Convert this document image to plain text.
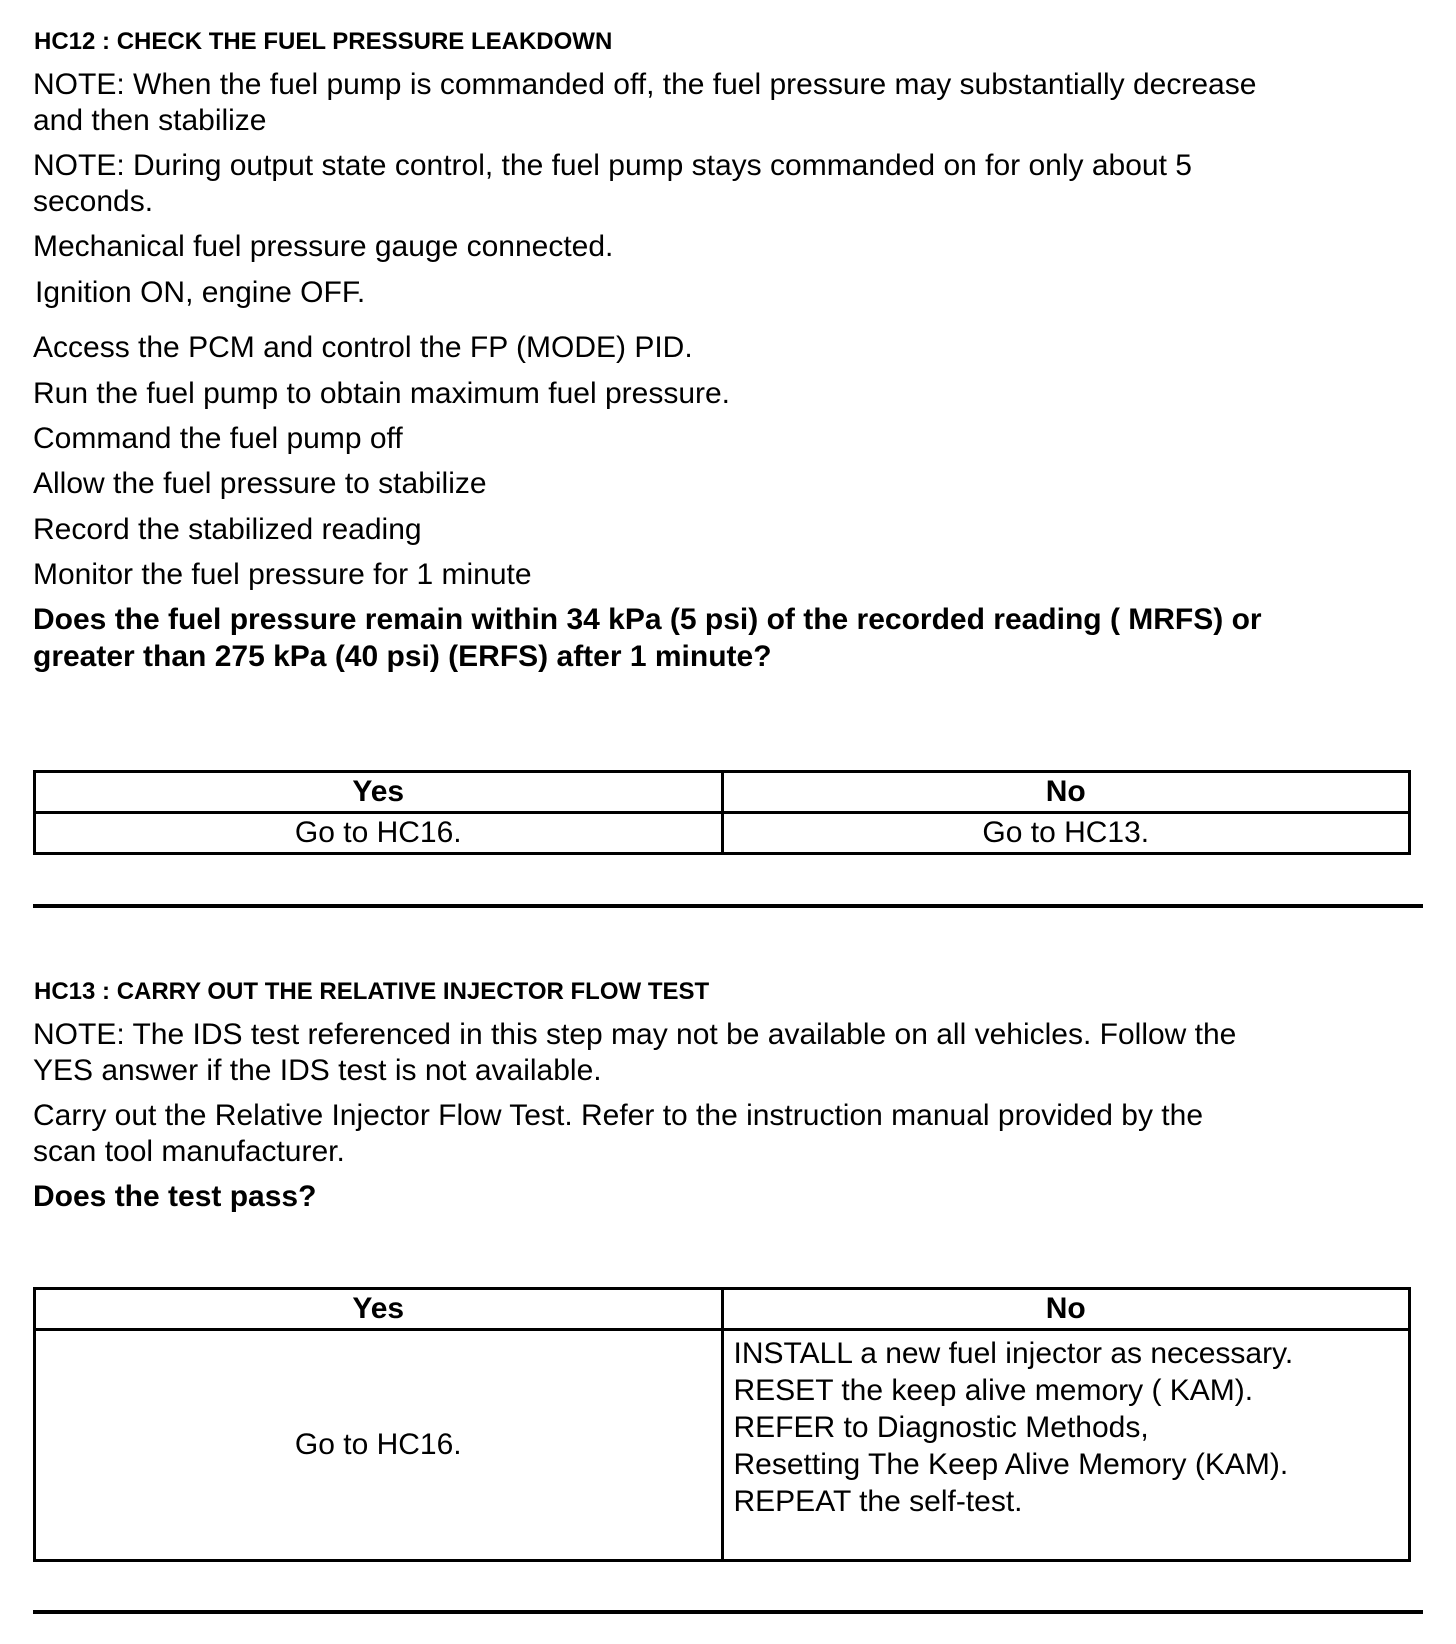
HC12 : CHECK THE FUEL PRESSURE LEAKDOWN
NOTE: When the fuel pump is commanded off, the fuel pressure may substantially decrease
and then stabilize
NOTE: During output state control, the fuel pump stays commanded on for only about 5
seconds.
Mechanical fuel pressure gauge connected.
Ignition ON, engine OFF.
Access the PCM and control the FP (MODE) PID.
Run the fuel pump to obtain maximum fuel pressure.
Command the fuel pump off
Allow the fuel pressure to stabilize
Record the stabilized reading
Monitor the fuel pressure for 1 minute
Does the fuel pressure remain within 34 kPa (5 psi) of the recorded reading ( MRFS) or
greater than 275 kPa (40 psi) (ERFS) after 1 minute?
Yes	No
Go to HC16.	Go to HC13.
HC13 : CARRY OUT THE RELATIVE INJECTOR FLOW TEST
NOTE: The IDS test referenced in this step may not be available on all vehicles. Follow the
YES answer if the IDS test is not available.
Carry out the Relative Injector Flow Test. Refer to the instruction manual provided by the
scan tool manufacturer.
Does the test pass?
Yes	No
Go to HC16.	INSTALL a new fuel injector as necessary.
RESET the keep alive memory ( KAM).
REFER to Diagnostic Methods,
Resetting The Keep Alive Memory (KAM).
REPEAT the self-test.
